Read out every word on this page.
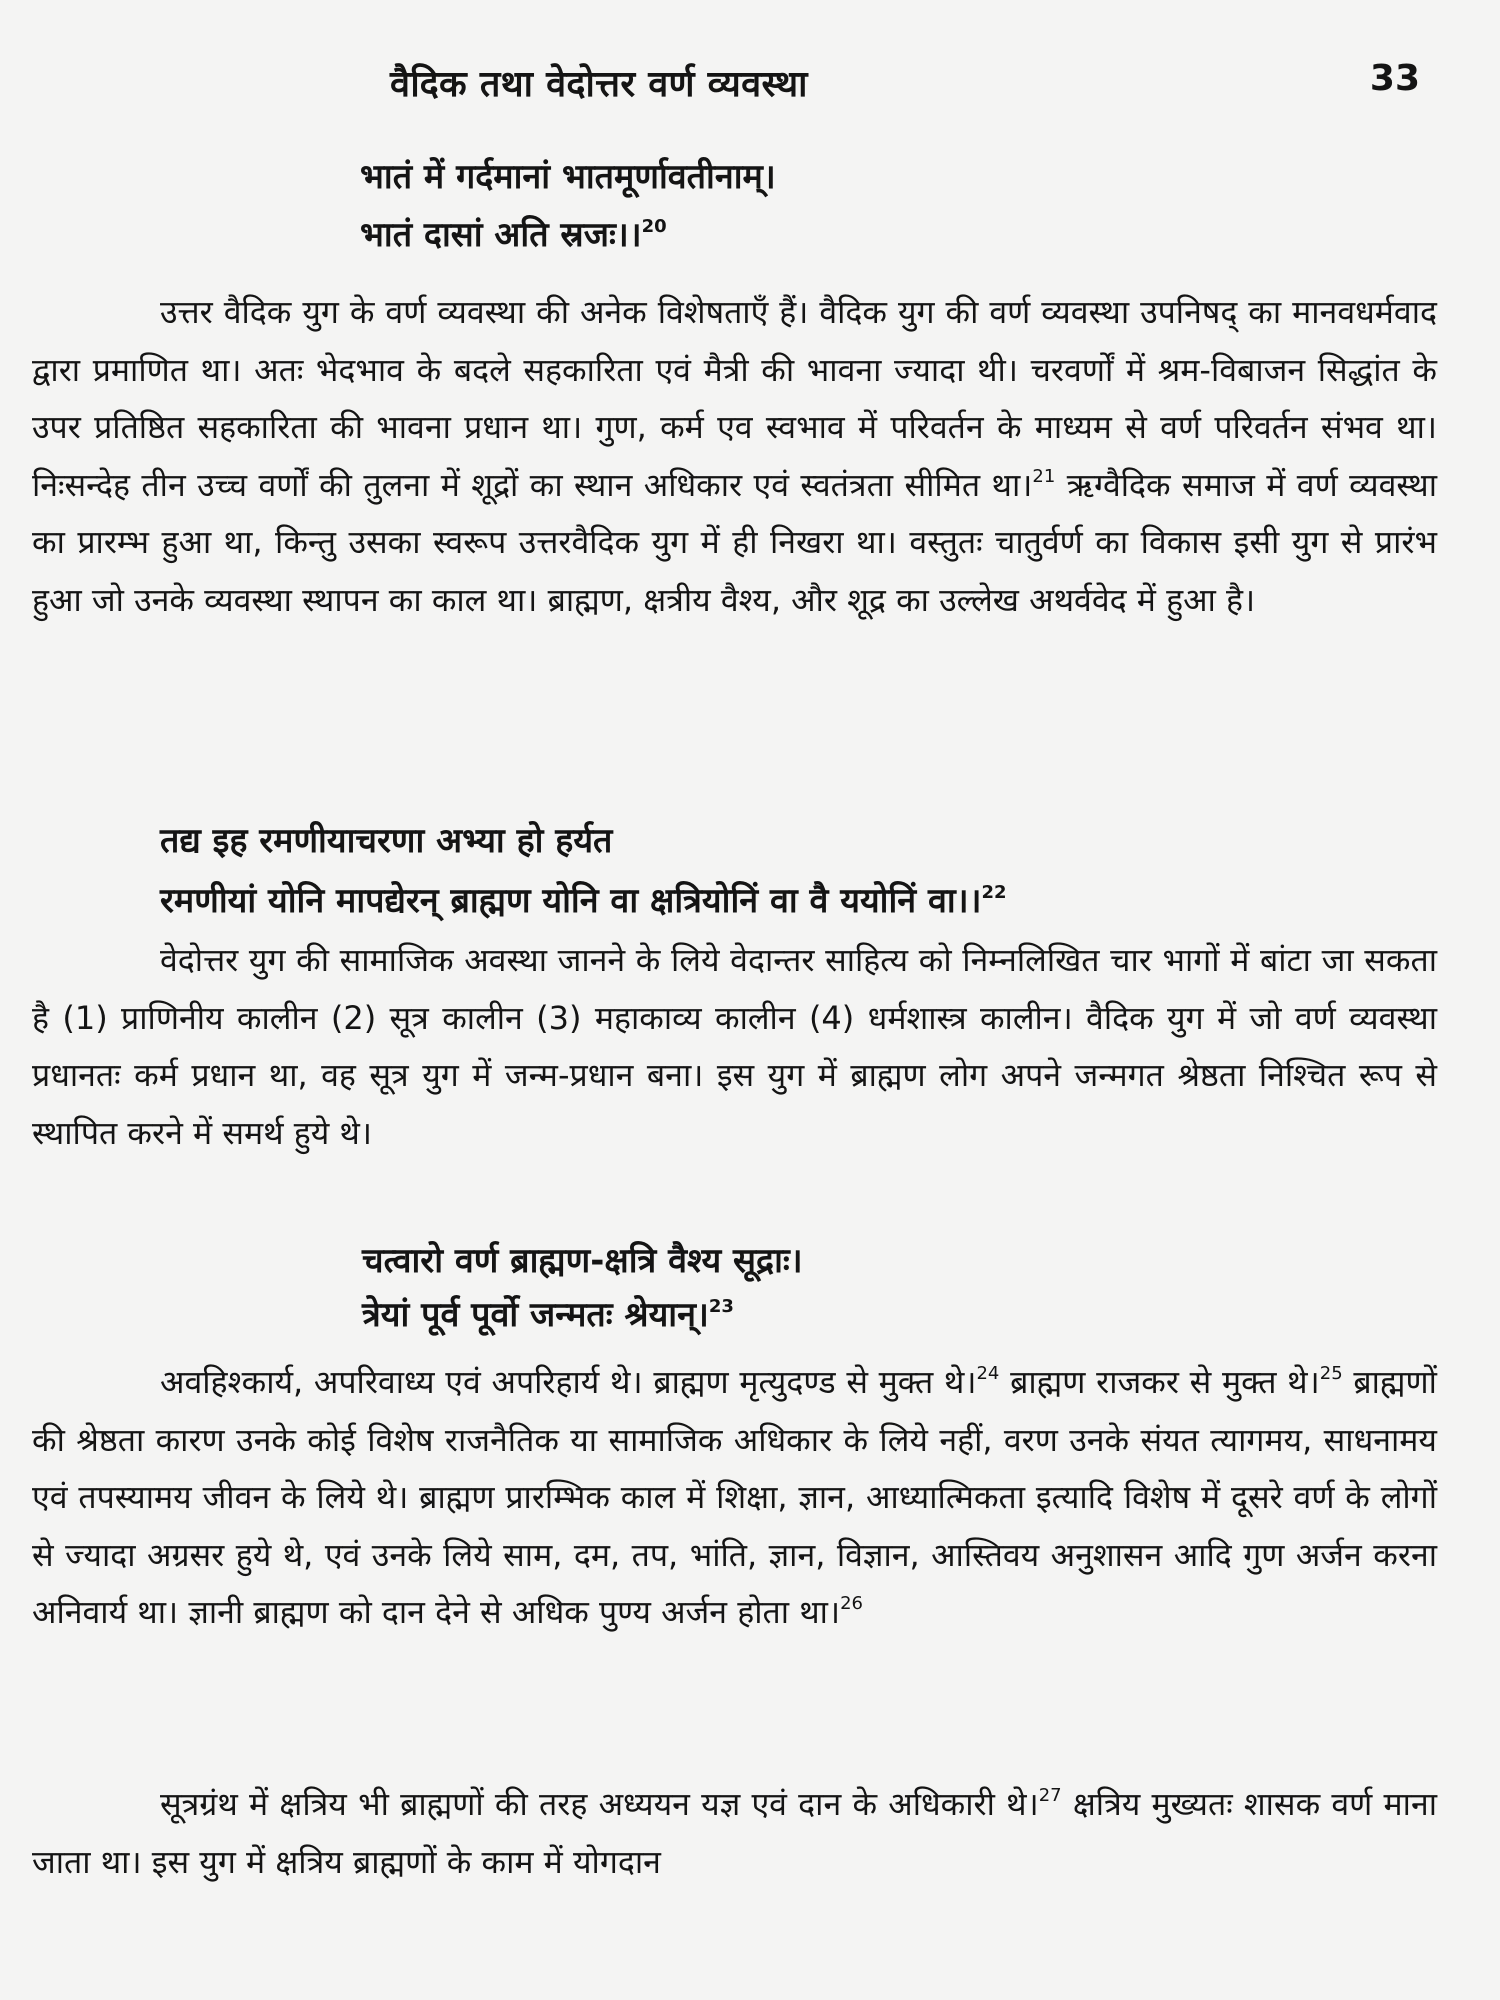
वैदिक तथा वेदोत्तर वर्ण व्यवस्था	33
भातं में गर्दमानां भातमूर्णावतीनाम्।
भातं दासां अति स्रजः।।$^{20}$

उत्तर वैदिक युग के वर्ण व्यवस्था की अनेक विशेषताएँ हैं। वैदिक युग की वर्ण व्यवस्था उपनिषद् का मानवधर्मवाद द्वारा प्रमाणित था। अतः भेदभाव के बदले सहकारिता एवं मैत्री की भावना ज्यादा थी। चरवर्णों में श्रम-विबाजन सिद्धांत के उपर प्रतिष्ठित सहकारिता की भावना प्रधान था। गुण, कर्म एव स्वभाव में परिवर्तन के माध्यम से वर्ण परिवर्तन संभव था। निःसन्देह तीन उच्च वर्णों की तुलना में शूद्रों का स्थान अधिकार एवं स्वतंत्रता सीमित था।$^{21}$ ऋग्वैदिक समाज में वर्ण व्यवस्था का प्रारम्भ हुआ था, किन्तु उसका स्वरूप उत्तरवैदिक युग में ही निखरा था। वस्तुतः चातुर्वर्ण का विकास इसी युग से प्रारंभ हुआ जो उनके व्यवस्था स्थापन का काल था। ब्राह्मण, क्षत्रीय वैश्य, और शूद्र का उल्लेख अथर्ववेद में हुआ है।

तद्य इह रमणीयाचरणा अभ्या हो हर्यत
रमणीयां योनि मापद्येरन् ब्राह्मण योनि वा क्षत्रियोनिं वा वै ययोनिं वा।।$^{22}$

वेदोत्तर युग की सामाजिक अवस्था जानने के लिये वेदान्तर साहित्य को निम्नलिखित चार भागों में बांटा जा सकता है (1) प्राणिनीय कालीन (2) सूत्र कालीन (3) महाकाव्य कालीन (4) धर्मशास्त्र कालीन। वैदिक युग में जो वर्ण व्यवस्था प्रधानतः कर्म प्रधान था, वह सूत्र युग में जन्म-प्रधान बना। इस युग में ब्राह्मण लोग अपने जन्मगत श्रेष्ठता निश्चित रूप से स्थापित करने में समर्थ हुये थे।

चत्वारो वर्ण ब्राह्मण-क्षत्रि वैश्य सूद्राः।
त्रेयां पूर्व पूर्वो जन्मतः श्रेयान्।$^{23}$

अवहिश्कार्य, अपरिवाध्य एवं अपरिहार्य थे। ब्राह्मण मृत्युदण्ड से मुक्त थे।$^{24}$ ब्राह्मण राजकर से मुक्त थे।$^{25}$ ब्राह्मणों की श्रेष्ठता कारण उनके कोई विशेष राजनैतिक या सामाजिक अधिकार के लिये नहीं, वरण उनके संयत त्यागमय, साधनामय एवं तपस्यामय जीवन के लिये थे। ब्राह्मण प्रारम्भिक काल में शिक्षा, ज्ञान, आध्यात्मिकता इत्यादि विशेष में दूसरे वर्ण के लोगों से ज्यादा अग्रसर हुये थे, एवं उनके लिये साम, दम, तप, भांति, ज्ञान, विज्ञान, आस्तिवय अनुशासन आदि गुण अर्जन करना अनिवार्य था। ज्ञानी ब्राह्मण को दान देने से अधिक पुण्य अर्जन होता था।$^{26}$

सूत्रग्रंथ में क्षत्रिय भी ब्राह्मणों की तरह अध्ययन यज्ञ एवं दान के अधिकारी थे।$^{27}$ क्षत्रिय मुख्यतः शासक वर्ण माना जाता था। इस युग में क्षत्रिय ब्राह्मणों के काम में योगदान
